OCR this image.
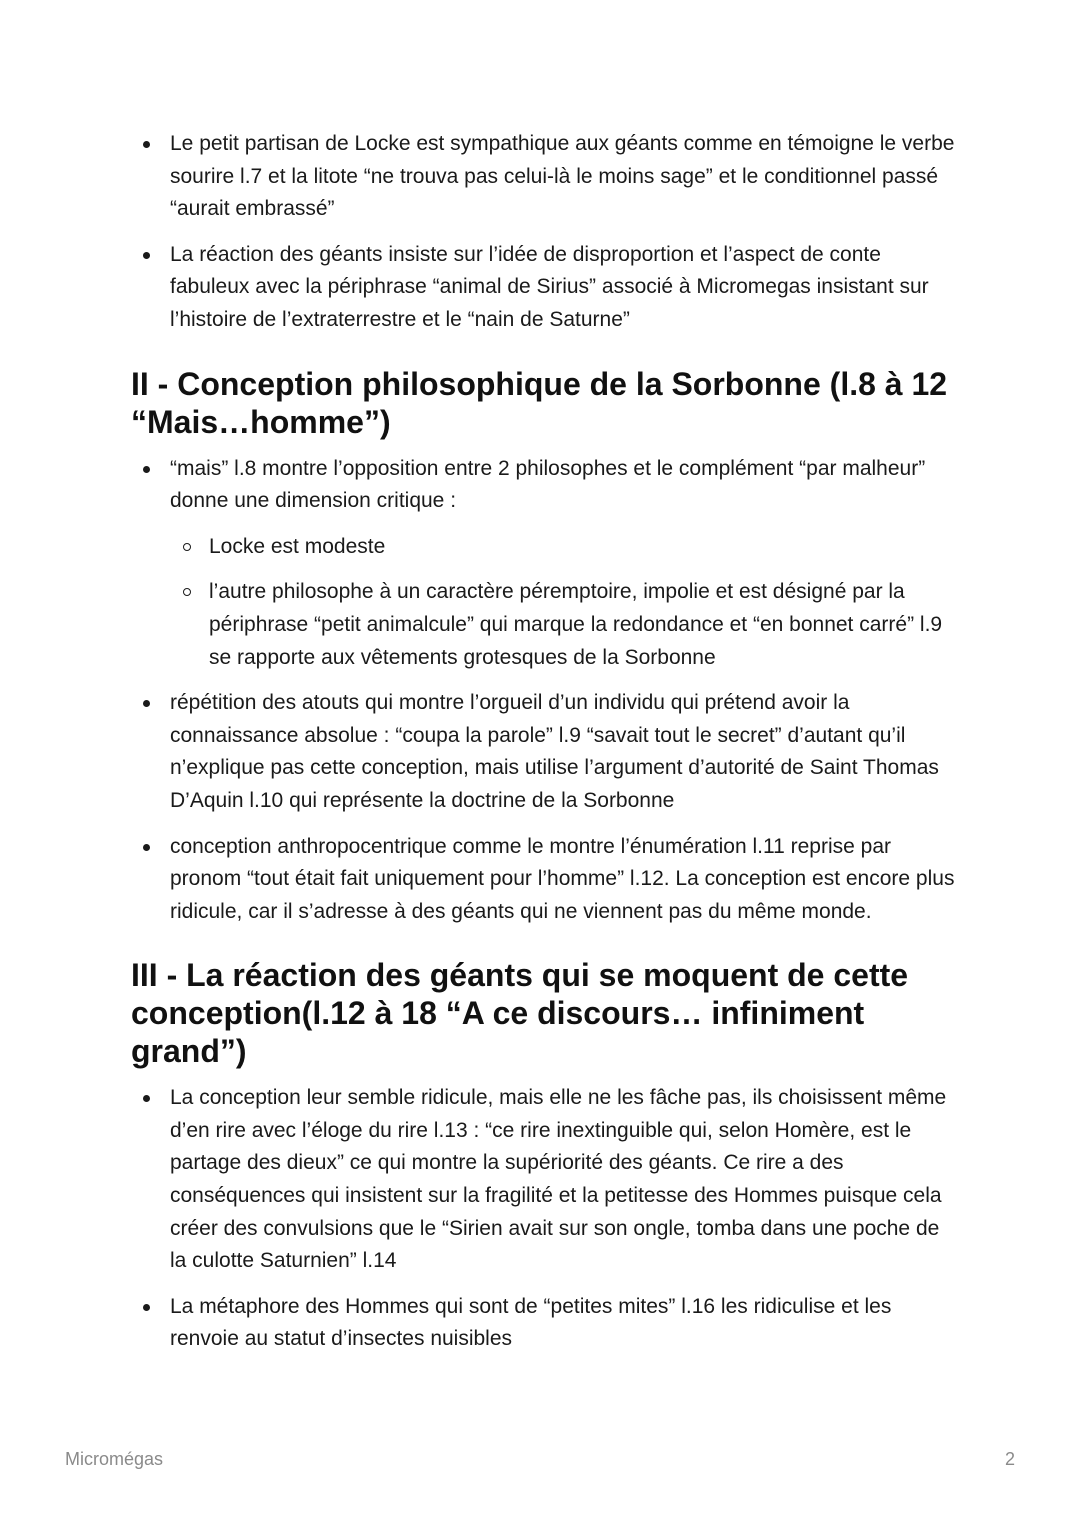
Le petit partisan de Locke est sympathique aux géants comme en témoigne le verbe sourire l.7 et la litote “ne trouva pas celui-là le moins sage” et le conditionnel passé “aurait embrassé”
La réaction des géants insiste sur l’idée de disproportion et l’aspect de conte fabuleux avec la périphrase “animal de Sirius” associé à Micromegas insistant sur l’histoire de l’extraterrestre et le “nain de Saturne”
II - Conception philosophique de la Sorbonne (l.8 à 12 “Mais…homme”)
“mais” l.8 montre l’opposition entre 2 philosophes et le complément “par malheur” donne une dimension critique :
Locke est modeste
l’autre philosophe à un caractère péremptoire, impolie et est désigné par la périphrase “petit animalcule” qui marque la redondance et “en bonnet carré” l.9 se rapporte aux vêtements grotesques de la Sorbonne
répétition des atouts qui montre l’orgueil d’un individu qui prétend avoir la connaissance absolue : “coupa la parole” l.9 “savait tout le secret” d’autant qu’il n’explique pas cette conception, mais utilise l’argument d’autorité de Saint Thomas D’Aquin l.10 qui représente la doctrine de la Sorbonne
conception anthropocentrique comme le montre l’énumération l.11 reprise par pronom “tout était fait uniquement pour l’homme” l.12. La conception est encore plus ridicule, car il s’adresse à des géants qui ne viennent pas du même monde.
III - La réaction des géants qui se moquent de cette conception(l.12 à 18 “A ce discours… infiniment grand”)
La conception leur semble ridicule, mais elle ne les fâche pas, ils choisissent même d’en rire avec l’éloge du rire l.13 : “ce rire inextinguible qui, selon Homère, est le partage des dieux” ce qui montre la supériorité des géants. Ce rire a des conséquences qui insistent sur la fragilité et la petitesse des Hommes puisque cela créer des convulsions que le “Sirien avait sur son ongle, tomba dans une poche de la culotte Saturnien” l.14
La métaphore des Hommes qui sont de “petites mites” l.16 les ridiculise et les renvoie au statut d’insectes nuisibles
Micromégas	2
